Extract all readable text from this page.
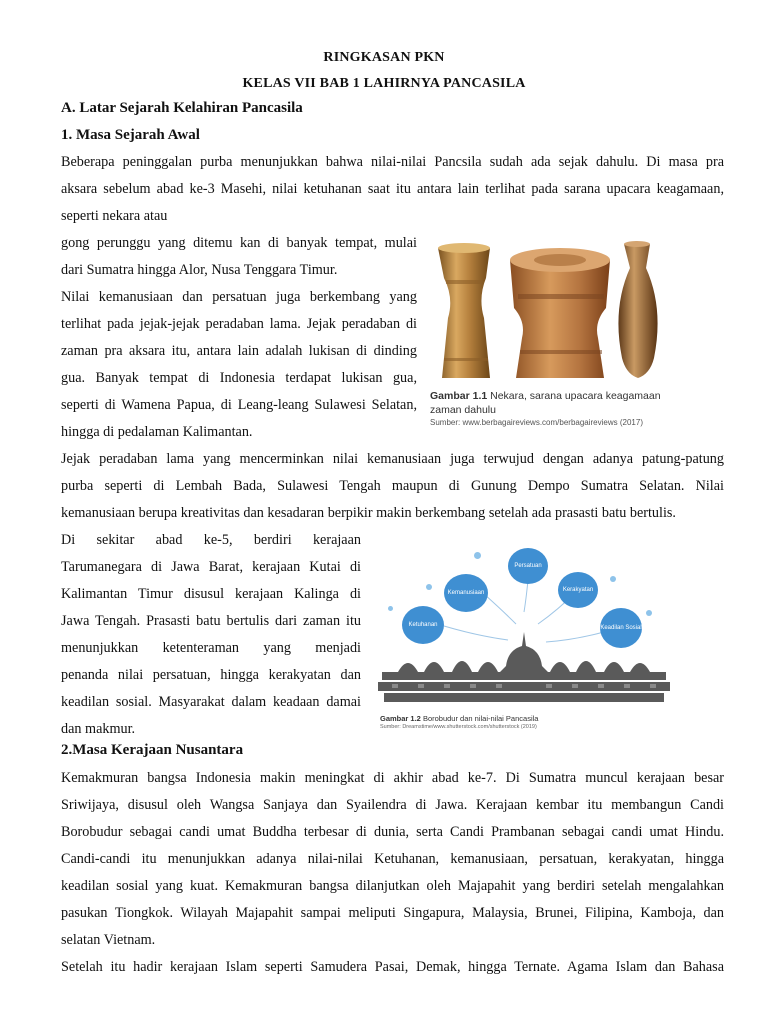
RINGKASAN PKN
KELAS VII BAB 1 LAHIRNYA PANCASILA
A. Latar Sejarah Kelahiran Pancasila
1. Masa Sejarah Awal
Beberapa peninggalan purba menunjukkan bahwa nilai-nilai Pancsila sudah ada sejak dahulu. Di masa pra
aksara sebelum abad ke-3 Masehi, nilai ketuhanan saat itu antara lain terlihat pada sarana upacara keagamaan,
seperti nekara atau
gong perunggu yang ditemu kan di banyak tempat, mulai
dari Sumatra hingga Alor, Nusa Tenggara Timur.
Nilai kemanusiaan dan persatuan juga berkembang yang
terlihat pada jejak-jejak peradaban lama. Jejak peradaban di
zaman pra aksara itu, antara lain adalah lukisan di dinding
gua. Banyak tempat di Indonesia terdapat lukisan gua,
seperti di Wamena Papua, di Leang-leang Sulawesi Selatan,
hingga di pedalaman Kalimantan.
Gambar 1.1 Nekara, sarana upacara keagamaan
zaman dahulu
Sumber: www.berbagaireviews.com/berbagaireviews (2017)
Jejak peradaban lama yang mencerminkan nilai kemanusiaan juga terwujud dengan adanya patung-patung
purba seperti di Lembah Bada, Sulawesi Tengah maupun di Gunung Dempo Sumatra Selatan. Nilai
kemanusiaan berupa kreativitas dan kesadaran berpikir makin berkembang setelah ada prasasti batu bertulis.
Di sekitar abad ke-5, berdiri kerajaan
Tarumanegara di Jawa Barat, kerajaan Kutai di
Kalimantan Timur disusul kerajaan Kalinga di
Jawa Tengah. Prasasti batu bertulis dari zaman itu
menunjukkan ketenteraman yang menjadi
penanda nilai persatuan, hingga kerakyatan dan
keadilan sosial. Masyarakat dalam keadaan damai
dan makmur.
Persatuan
Kemanusiaan	Kerakyatan
Ketuhanan	Keadilan Sosial
Gambar 1.2 Borobudur dan nilai-nilai Pancasila
Sumber: Dreamstime/www.shutterstock.com/shutterstock (2019)
2.Masa Kerajaan Nusantara
Kemakmuran bangsa Indonesia makin meningkat di akhir abad ke-7. Di Sumatra muncul kerajaan besar
Sriwijaya, disusul oleh Wangsa Sanjaya dan Syailendra di Jawa. Kerajaan kembar itu membangun Candi
Borobudur sebagai candi umat Buddha terbesar di dunia, serta Candi Prambanan sebagai candi umat Hindu.
Candi-candi itu menunjukkan adanya nilai-nilai Ketuhanan, kemanusiaan, persatuan, kerakyatan, hingga
keadilan sosial yang kuat. Kemakmuran bangsa dilanjutkan oleh Majapahit yang berdiri setelah mengalahkan
pasukan Tiongkok. Wilayah Majapahit sampai meliputi Singapura, Malaysia, Brunei, Filipina, Kamboja, dan
selatan Vietnam.
Setelah itu hadir kerajaan Islam seperti Samudera Pasai, Demak, hingga Ternate. Agama Islam dan Bahasa
